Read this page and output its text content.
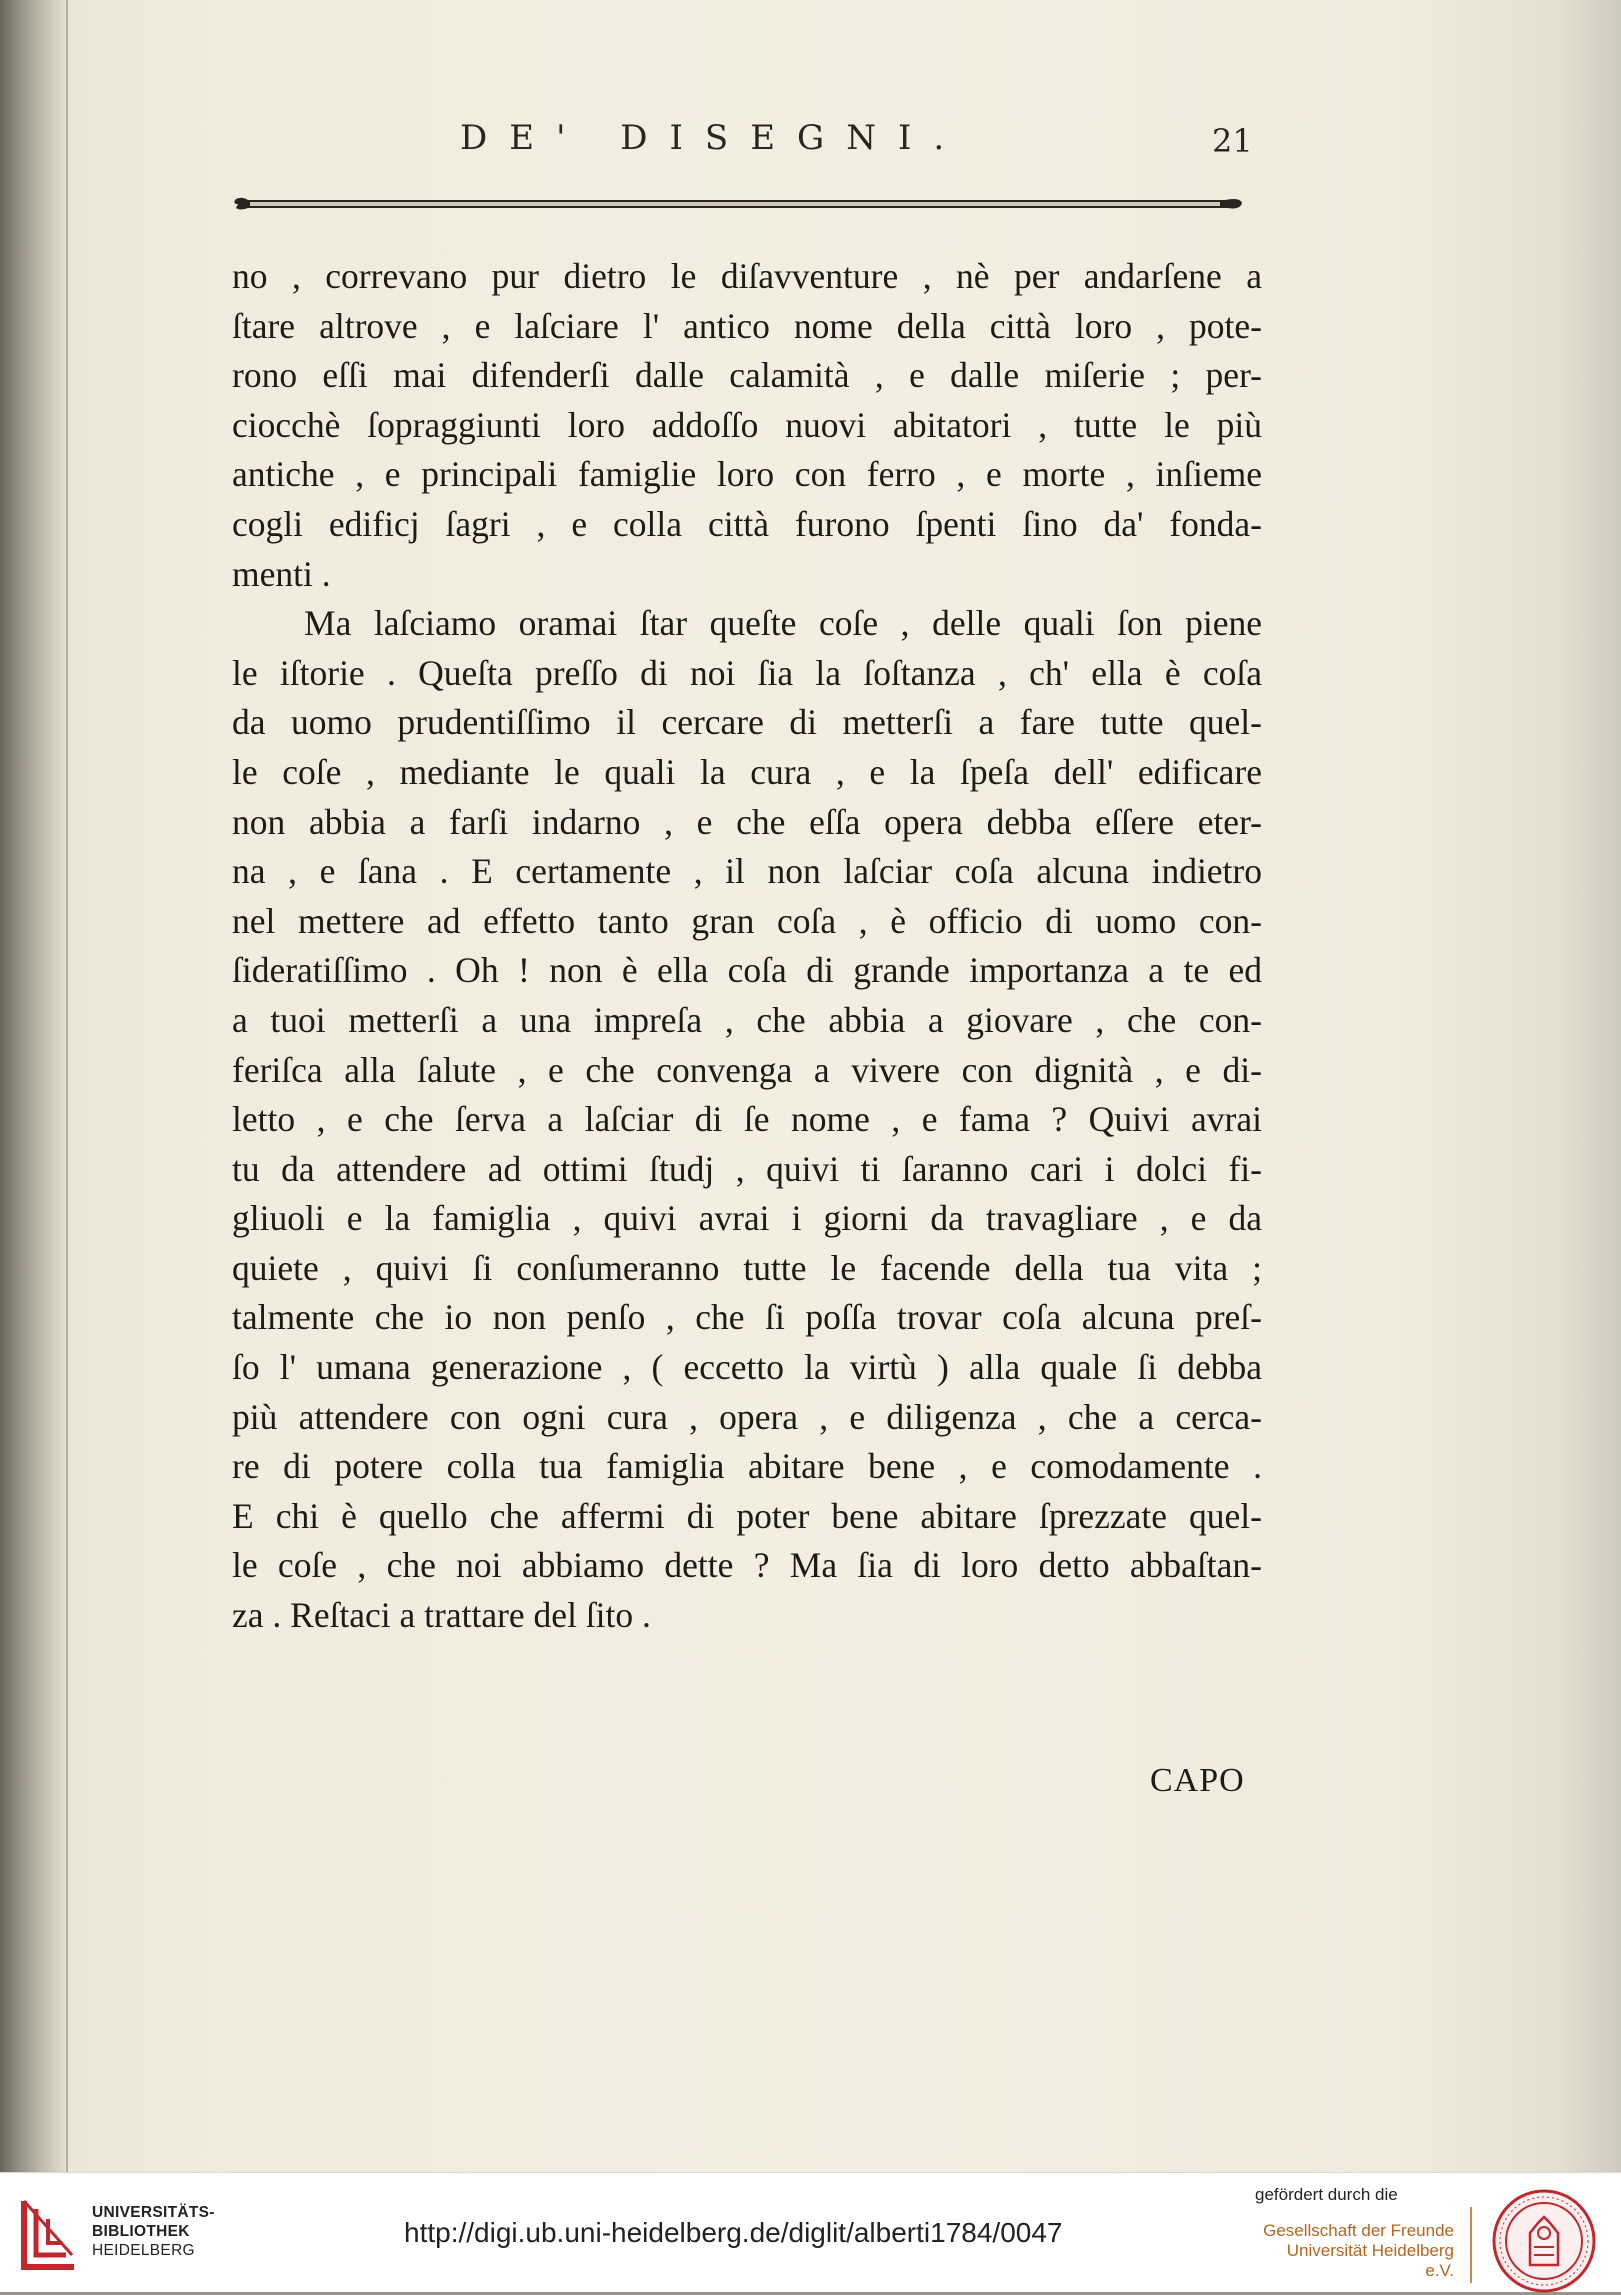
DE' DISEGNI.	21
no , correvano pur dietro le diſavventure , nè per andarſene a
ſtare altrove , e laſciare l' antico nome della città loro , pote-
rono eſſi mai difenderſi dalle calamità , e dalle miſerie ; per-
ciocchè ſopraggiunti loro addoſſo nuovi abitatori , tutte le più
antiche , e principali famiglie loro con ferro , e morte , inſieme
cogli edificj ſagri , e colla città furono ſpenti ſino da' fonda-
menti .
Ma laſciamo oramai ſtar queſte coſe , delle quali ſon piene
le iſtorie . Queſta preſſo di noi ſia la ſoſtanza , ch' ella è coſa
da uomo prudentiſſimo il cercare di metterſi a fare tutte quel-
le coſe , mediante le quali la cura , e la ſpeſa dell' edificare
non abbia a farſi indarno , e che eſſa opera debba eſſere eter-
na , e ſana . E certamente , il non laſciar coſa alcuna indietro
nel mettere ad effetto tanto gran coſa , è officio di uomo con-
ſideratiſſimo . Oh ! non è ella coſa di grande importanza a te ed
a tuoi metterſi a una impreſa , che abbia a giovare , che con-
feriſca alla ſalute , e che convenga a vivere con dignità , e di-
letto , e che ſerva a laſciar di ſe nome , e fama ? Quivi avrai
tu da attendere ad ottimi ſtudj , quivi ti ſaranno cari i dolci fi-
gliuoli e la famiglia , quivi avrai i giorni da travagliare , e da
quiete , quivi ſi conſumeranno tutte le facende della tua vita ;
talmente che io non penſo , che ſi poſſa trovar coſa alcuna preſ-
ſo l' umana generazione , ( eccetto la virtù ) alla quale ſi debba
più attendere con ogni cura , opera , e diligenza , che a cerca-
re di potere colla tua famiglia abitare bene , e comodamente .
E chi è quello che affermi di poter bene abitare ſprezzate quel-
le coſe , che noi abbiamo dette ? Ma ſia di loro detto abbaſtan-
za . Reſtaci a trattare del ſito .
CAPO
UNIVERSITÄTS-
BIBLIOTHEK
HEIDELBERG
http://digi.ub.uni-heidelberg.de/diglit/alberti1784/0047
gefördert durch die
Gesellschaft der Freunde
Universität Heidelberg e.V.
